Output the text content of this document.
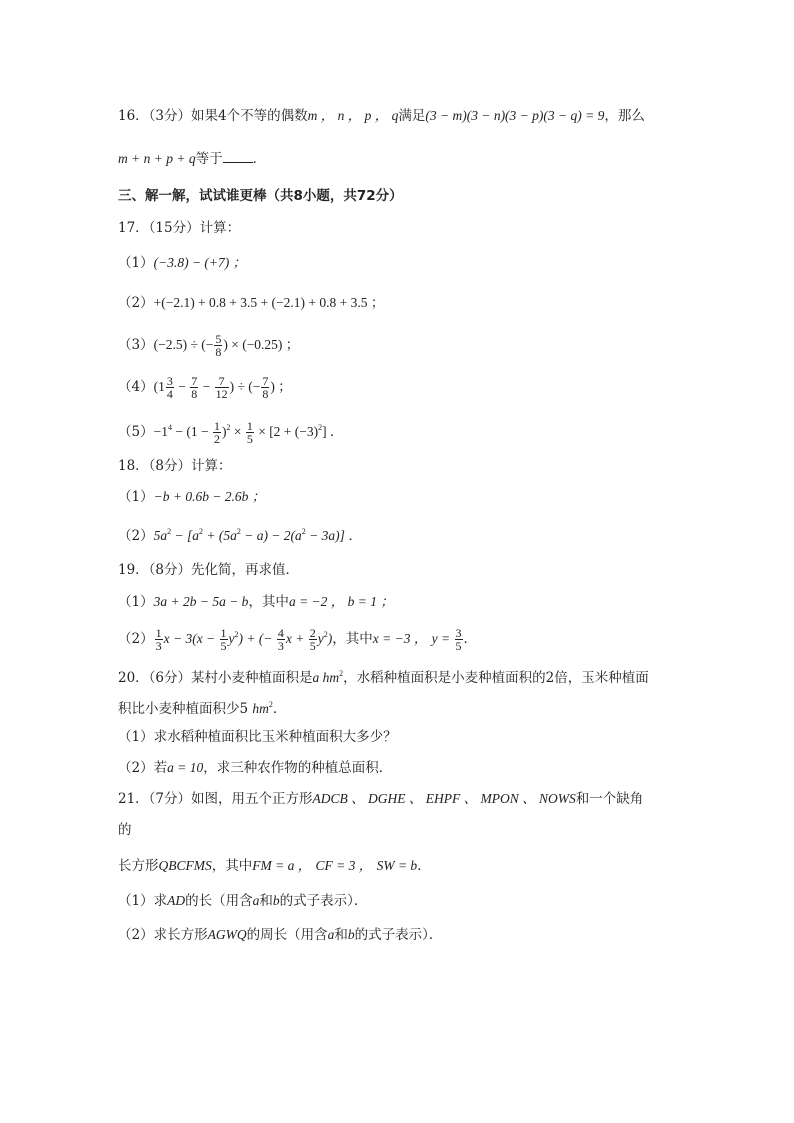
16．（3分）如果4个不等的偶数m ， n ， p ， q满足(3 − m)(3 − n)(3 − p)(3 − q) = 9，那么
m + n + p + q等于 ．
三、解一解，试试谁更棒（共8小题，共72分）
17．（15分）计算：
（1）(−3.8) − (+7) ；
（2）+(−2.1) + 0.8 + 3.5 + (−2.1) + 0.8 + 3.5 ；
（3）(−2.5) ÷ (− $\frac{5}{8}$ ) × (−0.25) ；
$(4)(1 \frac{3}{4} - \frac{7}{8} - \frac{7}{12}$ ) ÷ (− $\frac{7}{8}$ ) ；
$(5)-1^4 - (1 - \frac{1}{2} )^2 \times \frac{1}{5} \times [2 + (-3)^2]$ ．
18．（8分）计算：
（1）−b + 0.6b − 2.6b ；
$(2)5a^2 - [a^2 + (5a^2 - a) - 2(a^2 - 3a)]$ ．
19．（8分）先化简，再求值．
（1）3a + 2b − 5a − b，其中a = −2 ， b = 1 ；
$(2) \frac{1}{3}$ $x - 3(x - \frac{1}{5} y^2)$ + (− $\frac{4}{3}$ $x + \frac{2}{5} y^2$)，其中x = −3 ， $y = \frac{3}{5}$ ．
20．（6分）某村小麦种植面积是a $hm^2$，水稻种植面积是小麦种植面积的2倍，玉米种植面
积比小麦种植面积少5 $hm^2$．
（1）求水稻种植面积比玉米种植面积大多少？
（2）若a = 10，求三种农作物的种植总面积．
21．（7分）如图，用五个正方形ADCB 、 DGHE 、 EHPF 、 MPON 、 NOWS和一个缺角
的
长方形QBCFMS，其中FM = a ， CF = 3 ， SW = b．
（1）求AD的长（用含a和b的式子表示）．
（2）求长方形AGWQ的周长（用含a和b的式子表示）．
